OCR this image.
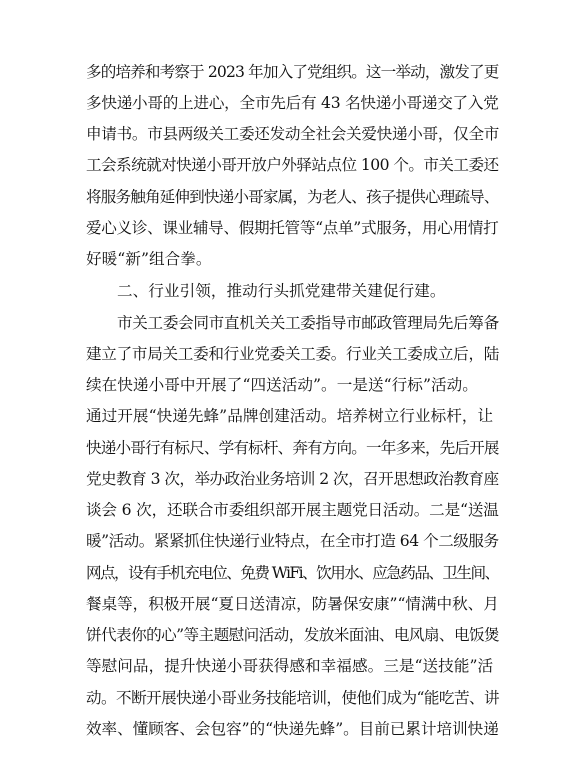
多的培养和考察于 2023 年加入了党组织。这一举动，激发了更
多快递小哥的上进心，全市先后有 43 名快递小哥递交了入党
申请书。市县两级关工委还发动全社会关爱快递小哥，仅全市
工会系统就对快递小哥开放户外驿站点位 100 个。市关工委还
将服务触角延伸到快递小哥家属，为老人、孩子提供心理疏导、
爱心义诊、课业辅导、假期托管等“点单”式服务，用心用情打
好暖“新”组合拳。
二、行业引领，推动行头抓党建带关建促行建。
市关工委会同市直机关关工委指导市邮政管理局先后筹备
建立了市局关工委和行业党委关工委。行业关工委成立后，陆
续在快递小哥中开展了“四送活动”。一是送“行标”活动。
通过开展“快递先蜂”品牌创建活动。培养树立行业标杆，让
快递小哥行有标尺、学有标杆、奔有方向。一年多来，先后开展
党史教育 3 次，举办政治业务培训 2 次，召开思想政治教育座
谈会 6 次，还联合市委组织部开展主题党日活动。二是“送温
暖”活动。紧紧抓住快递行业特点，在全市打造 64 个二级服务
网点，设有手机充电位、免费 WiFi、饮用水、应急药品、卫生间、
餐桌等，积极开展“夏日送清凉，防暑保安康”“情满中秋、月
饼代表你的心”等主题慰问活动，发放米面油、电风扇、电饭煲
等慰问品，提升快递小哥获得感和幸福感。三是“送技能”活
动。不断开展快递小哥业务技能培训，使他们成为“能吃苦、讲
效率、懂顾客、会包容”的“快递先蜂”。目前已累计培训快递
